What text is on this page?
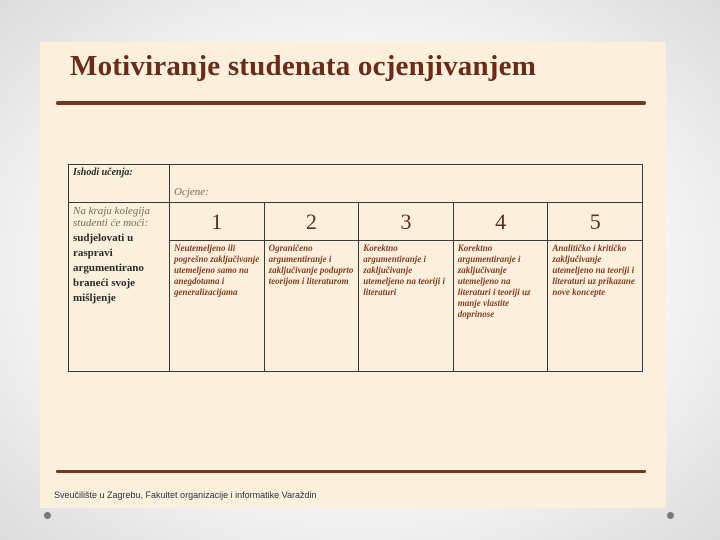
Motiviranje studenata ocjenjivanjem
Ishodi učenja:	Ocjene:				

Na kraju kolegija studenti će moći:
sudjelovati u raspravi argumentirano braneći svoje mišljenje	1	2	3	4	5
	Neutemeljeno ili pogrešno zaključivanje utemeljeno samo na anegdotama i generalizacijama	Ograničeno argumentiranje i zaključivanje poduprto teorijom i literaturom	Korektno argumentiranje i zaključivanje utemeljeno na teoriji i literaturi	Korektno argumentiranje i zaključivanje utemeljeno na literaturi i teoriji uz manje vlastite doprinose	Analitičko i kritičko zaključivanje utemeljeno na teoriji i literaturi uz prikazane nove koncepte
Sveučilište u Zagrebu, Fakultet organizacije i informatike Varaždin
